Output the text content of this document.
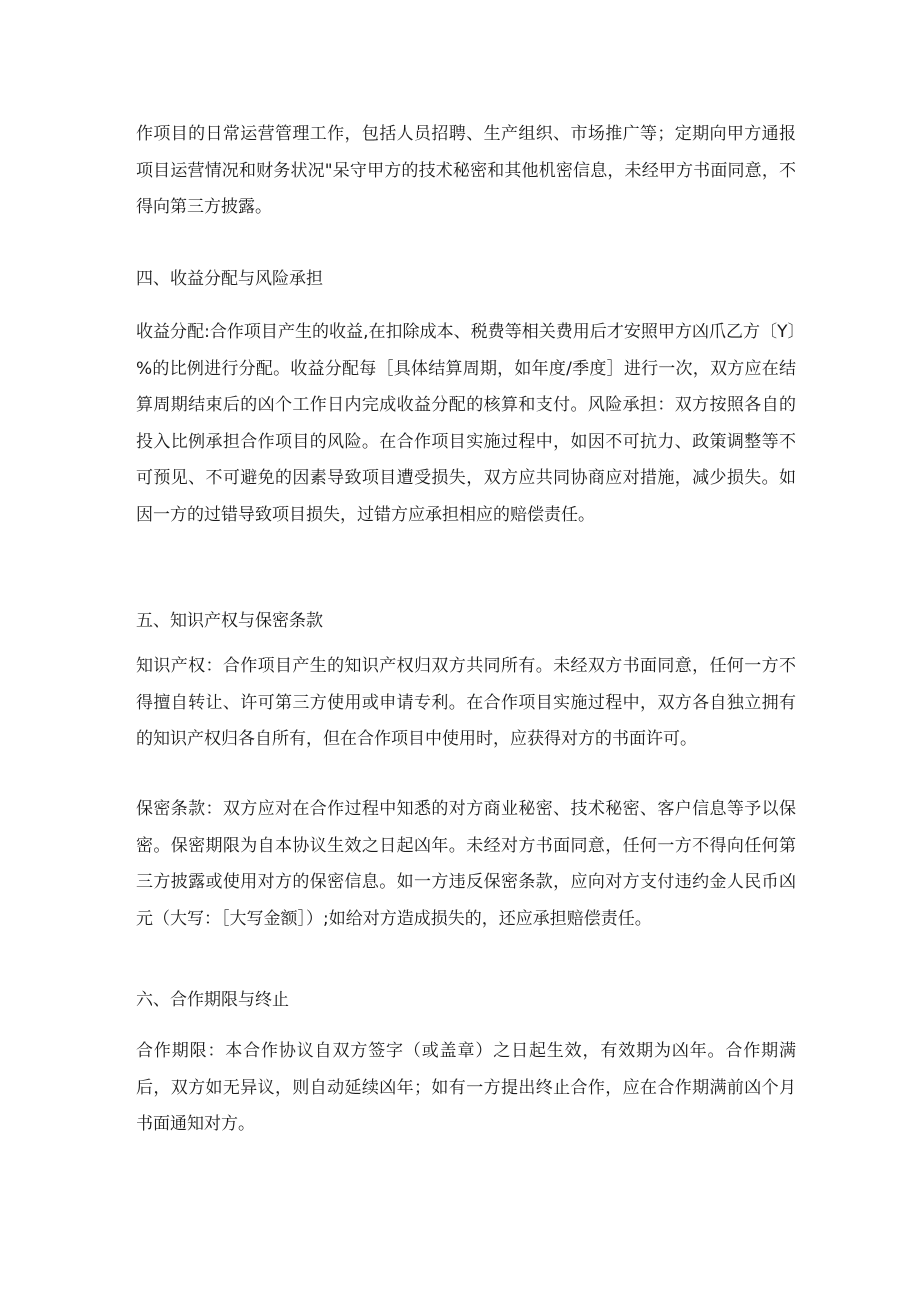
作项目的日常运营管理工作，包括人员招聘、生产组织、市场推广等；定期向甲方通报项目运营情况和财务状况"呆守甲方的技术秘密和其他机密信息，未经甲方书面同意，不得向第三方披露。

四、收益分配与风险承担

收益分配:合作项目产生的收益,在扣除成本、税费等相关费用后才安照甲方凶爪乙方〔Y〕%的比例进行分配。收益分配每［具体结算周期，如年度/季度］进行一次，双方应在结算周期结束后的凶个工作日内完成收益分配的核算和支付。风险承担：双方按照各自的投入比例承担合作项目的风险。在合作项目实施过程中，如因不可抗力、政策调整等不可预见、不可避免的因素导致项目遭受损失，双方应共同协商应对措施，减少损失。如因一方的过错导致项目损失，过错方应承担相应的赔偿责任。

五、知识产权与保密条款

知识产权：合作项目产生的知识产权归双方共同所有。未经双方书面同意，任何一方不得擅自转让、许可第三方使用或申请专利。在合作项目实施过程中，双方各自独立拥有的知识产权归各自所有，但在合作项目中使用时，应获得对方的书面许可。

保密条款：双方应对在合作过程中知悉的对方商业秘密、技术秘密、客户信息等予以保密。保密期限为自本协议生效之日起凶年。未经对方书面同意，任何一方不得向任何第三方披露或使用对方的保密信息。如一方违反保密条款，应向对方支付违约金人民币凶元（大写：［大写金额］）;如给对方造成损失的，还应承担赔偿责任。

六、合作期限与终止

合作期限：本合作协议自双方签字（或盖章）之日起生效，有效期为凶年。合作期满后，双方如无异议，则自动延续凶年；如有一方提出终止合作，应在合作期满前凶个月书面通知对方。
